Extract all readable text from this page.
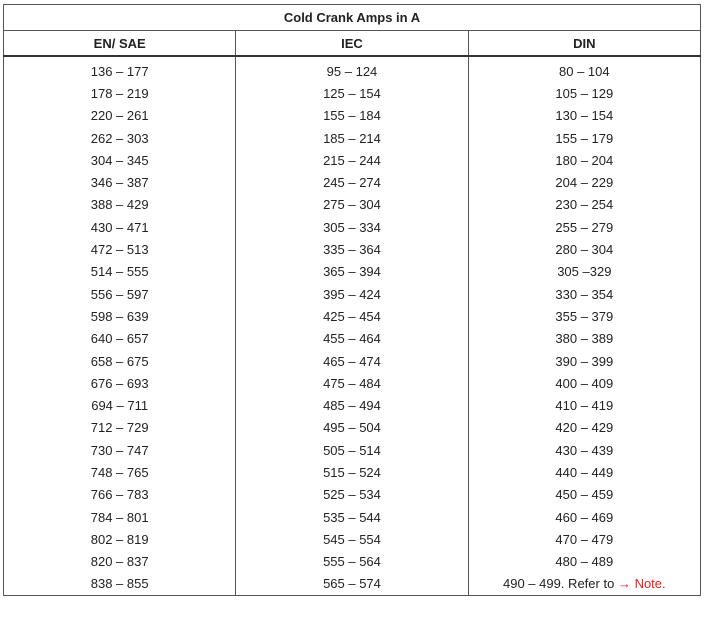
Cold Crank Amps in A		
EN/ SAE	IEC	DIN
136 – 177	95 – 124	80 – 104
178 – 219	125 – 154	105 – 129
220 – 261	155 – 184	130 – 154
262 – 303	185 – 214	155 – 179
304 – 345	215 – 244	180 – 204
346 – 387	245 – 274	204 – 229
388 – 429	275 – 304	230 – 254
430 – 471	305 – 334	255 – 279
472 – 513	335 – 364	280 – 304
514 – 555	365 – 394	305 –329
556 – 597	395 – 424	330 – 354
598 – 639	425 – 454	355 – 379
640 – 657	455 – 464	380 – 389
658 – 675	465 – 474	390 – 399
676 – 693	475 – 484	400 – 409
694 – 711	485 – 494	410 – 419
712 – 729	495 – 504	420 – 429
730 – 747	505 – 514	430 – 439
748 – 765	515 – 524	440 – 449
766 – 783	525 – 534	450 – 459
784 – 801	535 – 544	460 – 469
802 – 819	545 – 554	470 – 479
820 – 837	555 – 564	480 – 489
838 – 855	565 – 574	490 – 499. Refer to → Note.
